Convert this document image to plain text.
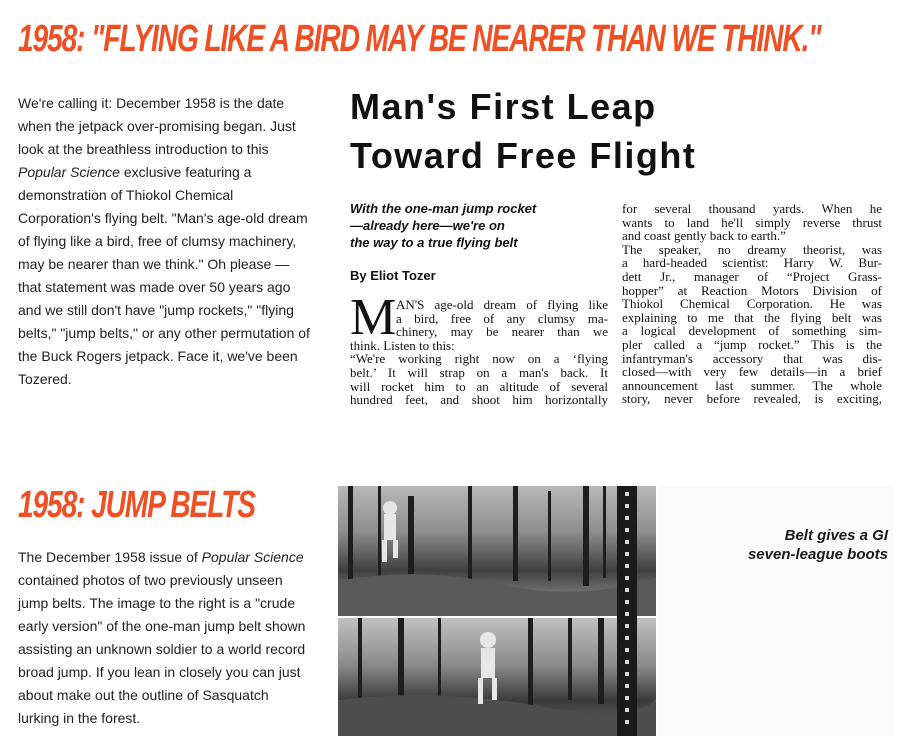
1958: "FLYING LIKE A BIRD MAY BE NEARER THAN WE THINK."

We're calling it: December 1958 is the date
when the jetpack over-promising began. Just
look at the breathless introduction to this
Popular Science exclusive featuring a
demonstration of Thiokol Chemical
Corporation's flying belt. "Man's age-old dream
of flying like a bird, free of clumsy machinery,
may be nearer than we think." Oh please —
that statement was made over 50 years ago
and we still don't have "jump rockets," "flying
belts," "jump belts," or any other permutation of
the Buck Rogers jetpack. Face it, we've been
Tozered.

Man's First Leap
Toward Free Flight
With the one-man jump rocket
—already here—we're on
the way to a true flying belt
By Eliot Tozer
M AN'S age-old dream of flying like
a bird, free of any clumsy ma-
chinery, may be nearer than we
think. Listen to this:
“We're working right now on a ‘flying
belt.’ It will strap on a man's back. It
will rocket him to an altitude of several
hundred feet, and shoot him horizontally
for several thousand yards. When he
wants to land he'll simply reverse thrust
and coast gently back to earth.”
The speaker, no dreamy theorist, was
a hard-headed scientist: Harry W. Bur-
dett Jr., manager of “Project Grass-
hopper” at Reaction Motors Division of
Thiokol Chemical Corporation. He was
explaining to me that the flying belt was
a logical development of something sim-
pler called a “jump rocket.” This is the
infantryman's accessory that was dis-
closed—with very few details—in a brief
announcement last summer. The whole
story, never before revealed, is exciting,
1958: JUMP BELTS

The December 1958 issue of Popular Science
contained photos of two previously unseen
jump belts. The image to the right is a "crude
early version" of the one-man jump belt shown
assisting an unknown soldier to a world record
broad jump. If you lean in closely you can just
about make out the outline of Sasquatch
lurking in the forest.

Belt gives a GI
seven-league boots
